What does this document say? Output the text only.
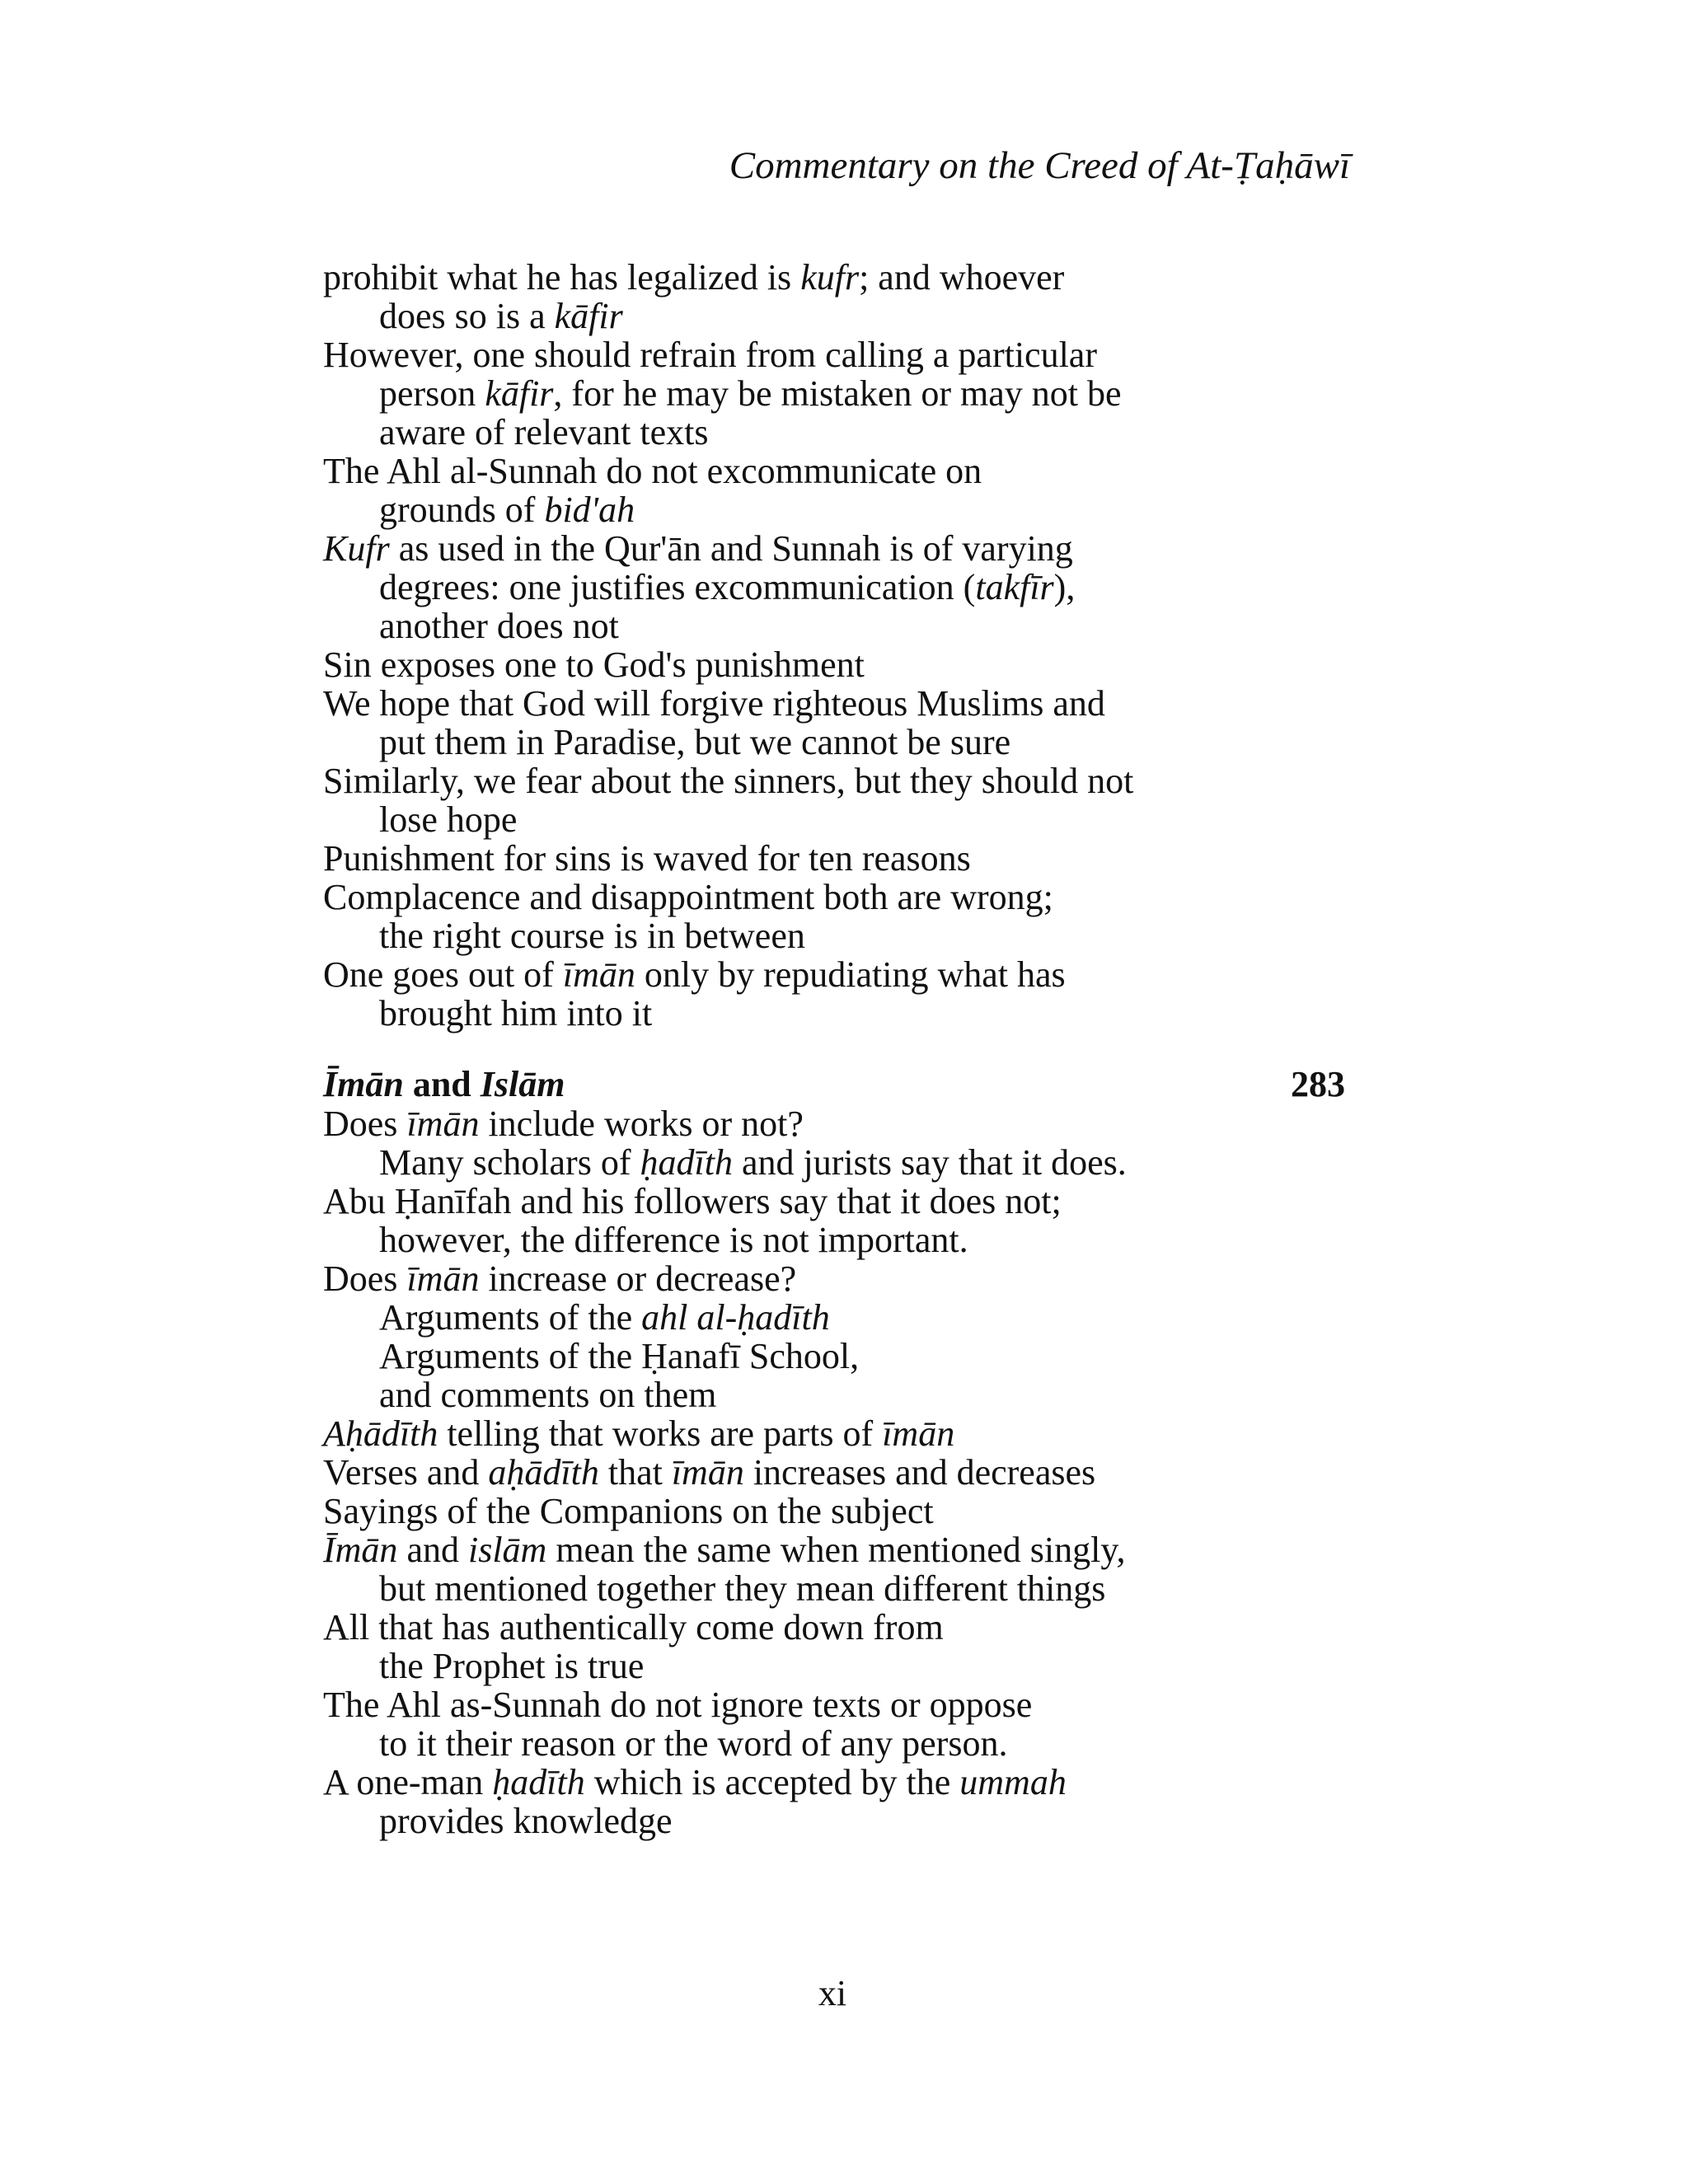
Commentary on the Creed of At-Ṭaḥāwī
prohibit what he has legalized is kufr; and whoever
does so is a kāfir
However, one should refrain from calling a particular
person kāfir, for he may be mistaken or may not be
aware of relevant texts
The Ahl al-Sunnah do not excommunicate on
grounds of bid'ah
Kufr as used in the Qur'ān and Sunnah is of varying
degrees: one justifies excommunication (takfīr),
another does not
Sin exposes one to God's punishment
We hope that God will forgive righteous Muslims and
put them in Paradise, but we cannot be sure
Similarly, we fear about the sinners, but they should not
lose hope
Punishment for sins is waved for ten reasons
Complacence and disappointment both are wrong;
the right course is in between
One goes out of īmān only by repudiating what has
brought him into it
Īmān and Islām	283
Does īmān include works or not?
Many scholars of ḥadīth and jurists say that it does.
Abu Ḥanīfah and his followers say that it does not;
however, the difference is not important.
Does īmān increase or decrease?
Arguments of the ahl al-ḥadīth
Arguments of the Ḥanafī School,
and comments on them
Aḥādīth telling that works are parts of īmān
Verses and aḥādīth that īmān increases and decreases
Sayings of the Companions on the subject
Īmān and islām mean the same when mentioned singly,
but mentioned together they mean different things
All that has authentically come down from
the Prophet is true
The Ahl as-Sunnah do not ignore texts or oppose
to it their reason or the word of any person.
A one-man ḥadīth which is accepted by the ummah
provides knowledge
xi
